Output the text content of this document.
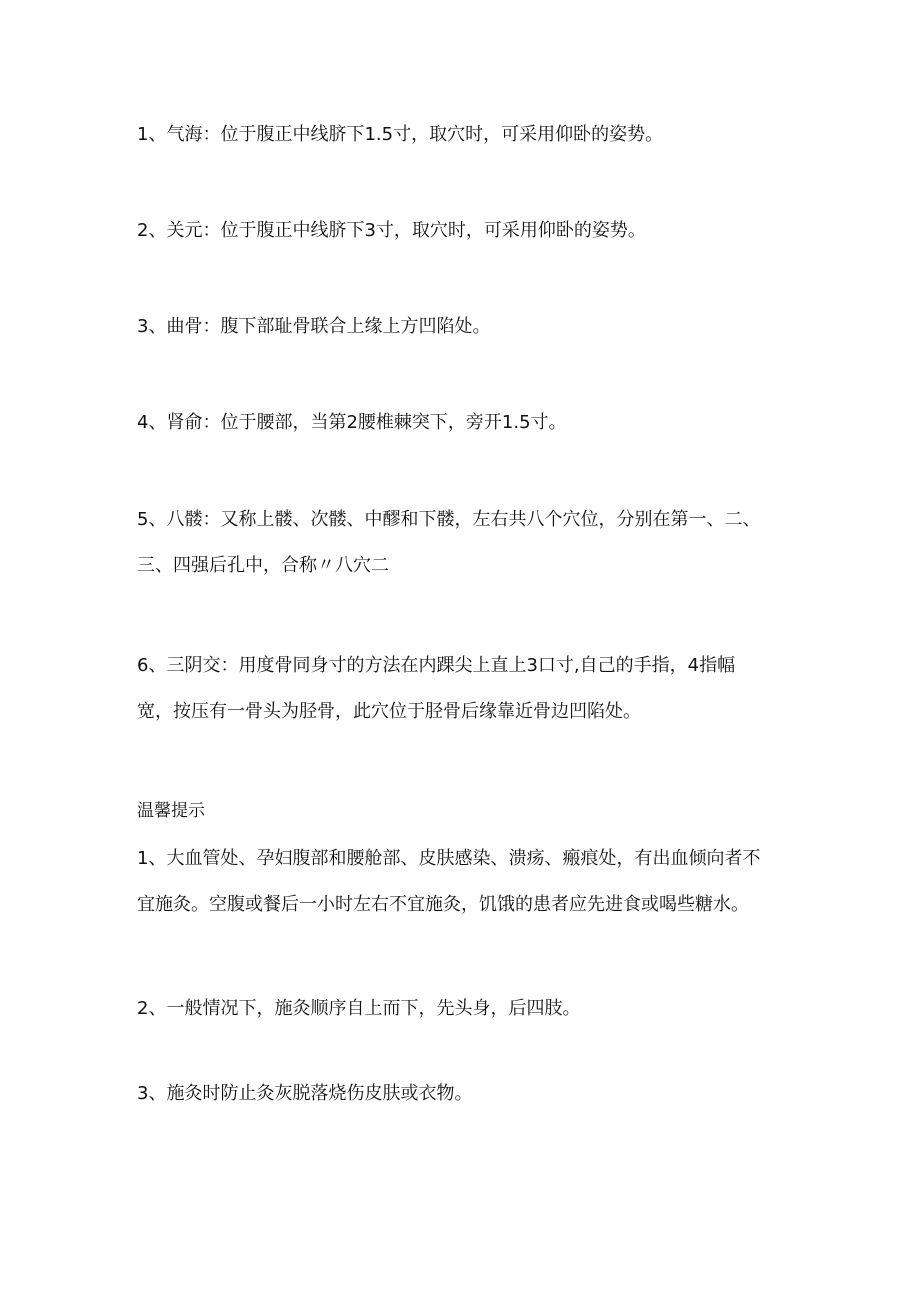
1、气海：位于腹正中线脐下1.5寸，取穴时，可采用仰卧的姿势。

2、关元：位于腹正中线脐下3寸，取穴时，可采用仰卧的姿势。

3、曲骨：腹下部耻骨联合上缘上方凹陷处。

4、肾俞：位于腰部，当第2腰椎棘突下，旁开1.5寸。

5、八髅：又称上髅、次髅、中醪和下髅，左右共八个穴位，分别在第一、二、
三、四强后孔中，合称〃八穴二

6、三阴交：用度骨同身寸的方法在内踝尖上直上3口寸,自己的手指，4指幅
宽，按压有一骨头为胫骨，此穴位于胫骨后缘靠近骨边凹陷处。

温馨提示

1、大血管处、孕妇腹部和腰舱部、皮肤感染、溃疡、瘢痕处，有出血倾向者不
宜施灸。空腹或餐后一小时左右不宜施灸，饥饿的患者应先进食或喝些糖水。

2、一般情况下，施灸顺序自上而下，先头身，后四肢。

3、施灸时防止灸灰脱落烧伤皮肤或衣物。
